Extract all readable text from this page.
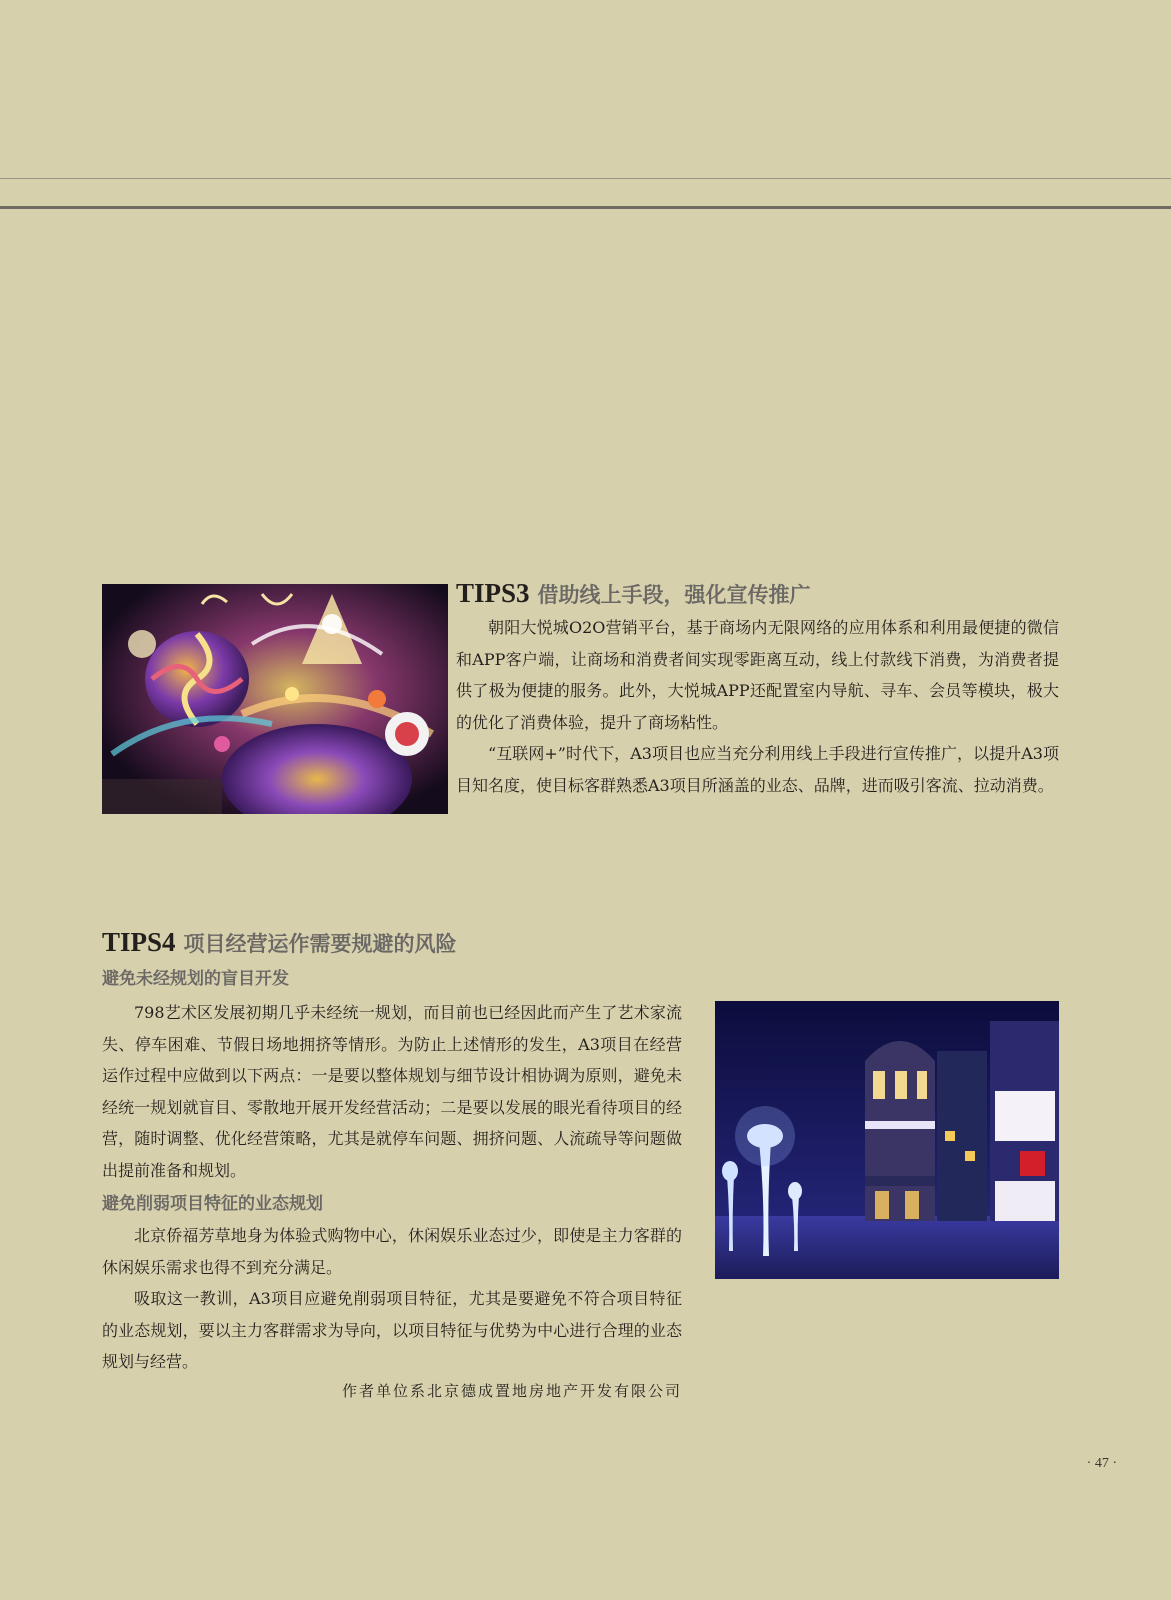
TIPS3 借助线上手段，强化宣传推广

朝阳大悦城O2O营销平台，基于商场内无限网络的应用体系和利用最便捷的微信和APP客户端，让商场和消费者间实现零距离互动，线上付款线下消费，为消费者提供了极为便捷的服务。此外，大悦城APP还配置室内导航、寻车、会员等模块，极大的优化了消费体验，提升了商场粘性。

“互联网+”时代下，A3项目也应当充分利用线上手段进行宣传推广，以提升A3项目知名度，使目标客群熟悉A3项目所涵盖的业态、品牌，进而吸引客流、拉动消费。

TIPS4 项目经营运作需要规避的风险
避免未经规划的盲目开发

798艺术区发展初期几乎未经统一规划，而目前也已经因此而产生了艺术家流失、停车困难、节假日场地拥挤等情形。为防止上述情形的发生，A3项目在经营运作过程中应做到以下两点：一是要以整体规划与细节设计相协调为原则，避免未经统一规划就盲目、零散地开展开发经营活动；二是要以发展的眼光看待项目的经营，随时调整、优化经营策略，尤其是就停车问题、拥挤问题、人流疏导等问题做出提前准备和规划。

避免削弱项目特征的业态规划

北京侨福芳草地身为体验式购物中心，休闲娱乐业态过少，即使是主力客群的休闲娱乐需求也得不到充分满足。

吸取这一教训，A3项目应避免削弱项目特征，尤其是要避免不符合项目特征的业态规划，要以主力客群需求为导向，以项目特征与优势为中心进行合理的业态规划与经营。

作者单位系北京德成置地房地产开发有限公司

· 47 ·
